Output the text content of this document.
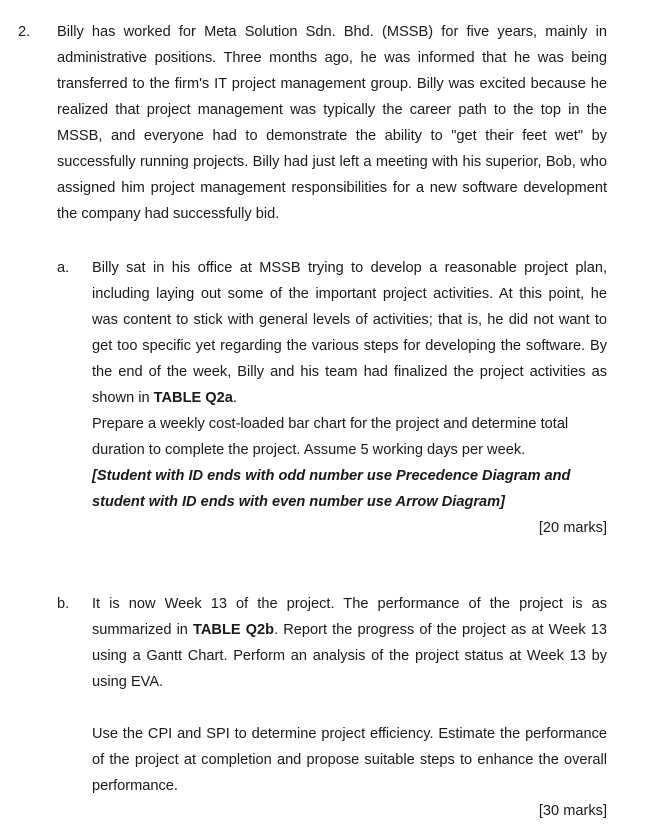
2. Billy has worked for Meta Solution Sdn. Bhd. (MSSB) for five years, mainly in administrative positions. Three months ago, he was informed that he was being transferred to the firm's IT project management group. Billy was excited because he realized that project management was typically the career path to the top in the MSSB, and everyone had to demonstrate the ability to "get their feet wet" by successfully running projects. Billy had just left a meeting with his superior, Bob, who assigned him project management responsibilities for a new software development the company had successfully bid.

a. Billy sat in his office at MSSB trying to develop a reasonable project plan, including laying out some of the important project activities. At this point, he was content to stick with general levels of activities; that is, he did not want to get too specific yet regarding the various steps for developing the software. By the end of the week, Billy and his team had finalized the project activities as shown in TABLE Q2a.

Prepare a weekly cost-loaded bar chart for the project and determine total duration to complete the project. Assume 5 working days per week.

[Student with ID ends with odd number use Precedence Diagram and student with ID ends with even number use Arrow Diagram]

[20 marks]
b. It is now Week 13 of the project. The performance of the project is as summarized in TABLE Q2b. Report the progress of the project as at Week 13 using a Gantt Chart. Perform an analysis of the project status at Week 13 by using EVA.

Use the CPI and SPI to determine project efficiency. Estimate the performance of the project at completion and propose suitable steps to enhance the overall performance.

[30 marks]
